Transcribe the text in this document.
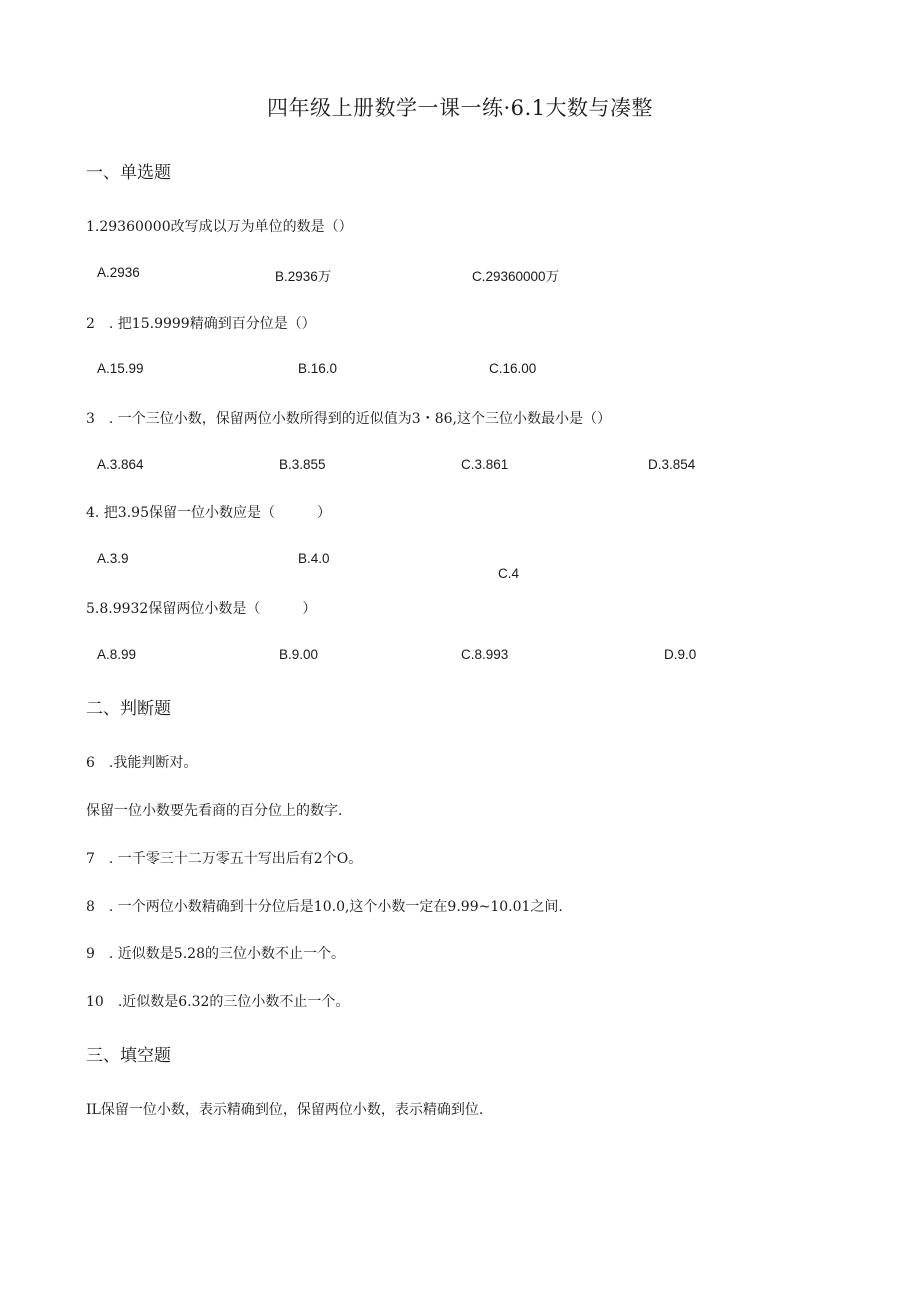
四年级上册数学一课一练·6.1大数与凑整
一、单选题
1.29360000改写成以万为单位的数是（）
A.2936	B.2936万	C.29360000万
2　. 把15.9999精确到百分位是（）
A.15.99	B.16.0	C.16.00
3　. 一个三位小数，保留两位小数所得到的近似值为3・86,这个三位小数最小是（）
A.3.864	B.3.855	C.3.861	D.3.854
4. 把3.95保留一位小数应是（　　　）
A.3.9	B.4.0
C.4
5.8.9932保留两位小数是（　　　）
A.8.99	B.9.00	C.8.993	D.9.0
二、判断题
6　.我能判断对。
保留一位小数要先看商的百分位上的数字.
7　. 一千零三十二万零五十写出后有2个O。
8　. 一个两位小数精确到十分位后是10.0,这个小数一定在9.99~10.01之间.
9　. 近似数是5.28的三位小数不止一个。
10　.近似数是6.32的三位小数不止一个。
三、填空题
IL保留一位小数，表示精确到位，保留两位小数，表示精确到位.
